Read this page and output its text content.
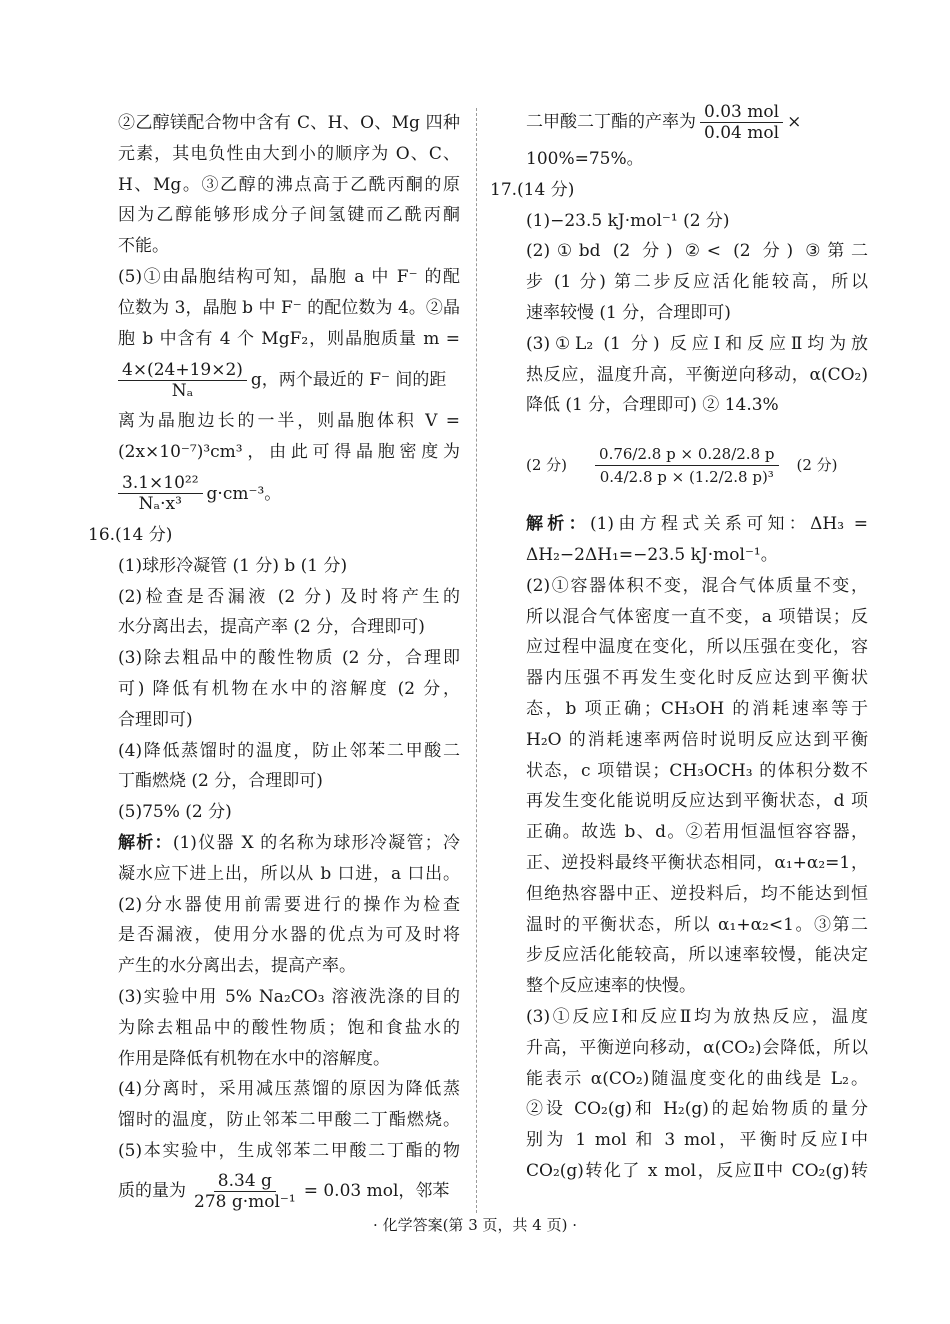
②乙醇镁配合物中含有 C、H、O、Mg 四种
元素，其电负性由大到小的顺序为 O、C、
H、Mg。③乙醇的沸点高于乙酰丙酮的原
因为乙醇能够形成分子间氢键而乙酰丙酮
不能。
(5)①由晶胞结构可知，晶胞 a 中 F⁻ 的配
位数为 3，晶胞 b 中 F⁻ 的配位数为 4。②晶
胞 b 中含有 4 个 MgF₂，则晶胞质量 m =
$\frac{4\times(24+19\times 2)}{\text{Nₐ}}$ g，两个最近的 F⁻ 间的距
离为晶胞边长的一半，则晶胞体积 V =
(2x×10⁻⁷)³cm³，由此可得晶胞密度为
$\frac{\text{3.1×10²²}}{\text{Nₐ·x³}} g\cdot cm^{-3}$。
16.(14 分)
(1)球形冷凝管 (1 分) b (1 分)
(2)检查是否漏液 (2 分) 及时将产生的
水分离出去，提高产率 (2 分，合理即可)
(3)除去粗品中的酸性物质 (2 分，合理即
可) 降低有机物在水中的溶解度 (2 分，
合理即可)
(4)降低蒸馏时的温度，防止邻苯二甲酸二
丁酯燃烧 (2 分，合理即可)
(5)75% (2 分)
解析：(1)仪器 X 的名称为球形冷凝管；冷
凝水应下进上出，所以从 b 口进，a 口出。
(2)分水器使用前需要进行的操作为检查
是否漏液，使用分水器的优点为可及时将
产生的水分离出去，提高产率。
(3)实验中用 5% Na₂CO₃ 溶液洗涤的目的
为除去粗品中的酸性物质；饱和食盐水的
作用是降低有机物在水中的溶解度。
(4)分离时，采用减压蒸馏的原因为降低蒸
馏时的温度，防止邻苯二甲酸二丁酯燃烧。
(5)本实验中，生成邻苯二甲酸二丁酯的物
质的量为 $\frac{8.34 g}{\text{278 g·mol⁻¹}} = 0.03$ mol，邻苯
二甲酸二丁酯的产率为 $\frac{\text{0.03 mol}}{\text{0.04 mol}}$ ×
100%=75%。
17.(14 分)
(1)−23.5 kJ·mol⁻¹ (2 分)
(2)①bd (2 分) ②< (2 分) ③第二
步 (1 分) 第二步反应活化能较高，所以
速率较慢 (1 分，合理即可)
(3)①L₂ (1 分) 反应Ⅰ和反应Ⅱ均为放
热反应，温度升高，平衡逆向移动，α(CO₂)
降低 (1 分，合理即可) ② 14.3%
(2 分) $\frac{0.76/2.8 p \times 0.28/2.8 p}{\text{0.4/2.8 p × (1.2/2.8 p)³}} (2$ 分)
解析：(1)由方程式关系可知：ΔH₃ =
ΔH₂−2ΔH₁=−23.5 kJ·mol⁻¹。
(2)①容器体积不变，混合气体质量不变，
所以混合气体密度一直不变，a 项错误；反
应过程中温度在变化，所以压强在变化，容
器内压强不再发生变化时反应达到平衡状
态，b 项正确；CH₃OH 的消耗速率等于
H₂O 的消耗速率两倍时说明反应达到平衡
状态，c 项错误；CH₃OCH₃ 的体积分数不
再发生变化能说明反应达到平衡状态，d 项
正确。故选 b、d。②若用恒温恒容容器，
正、逆投料最终平衡状态相同，α₁+α₂=1，
但绝热容器中正、逆投料后，均不能达到恒
温时的平衡状态，所以 α₁+α₂<1。③第二
步反应活化能较高，所以速率较慢，能决定
整个反应速率的快慢。
(3)①反应Ⅰ和反应Ⅱ均为放热反应，温度
升高，平衡逆向移动，α(CO₂)会降低，所以
能表示 α(CO₂)随温度变化的曲线是 L₂。
②设 CO₂(g)和 H₂(g)的起始物质的量分
别为 1 mol 和 3 mol，平衡时反应Ⅰ中
CO₂(g)转化了 x mol，反应Ⅱ中 CO₂(g)转
· 化学答案(第 3 页，共 4 页) ·
